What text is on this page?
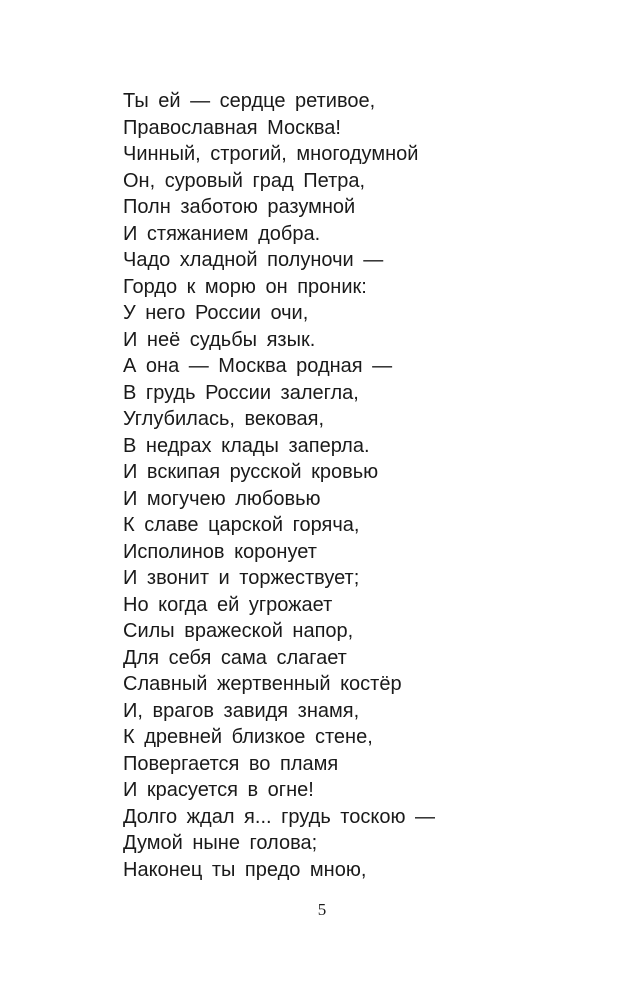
Ты ей — сердце ретивое,
Православная Москва!
Чинный, строгий, многодумной
Он, суровый град Петра,
Полн заботою разумной
И стяжанием добра.
Чадо хладной полуночи —
Гордо к морю он проник:
У него России очи,
И неё судьбы язык.
А она — Москва родная —
В грудь России залегла,
Углубилась, вековая,
В недрах клады заперла.
И вскипая русской кровью
И могучею любовью
К славе царской горяча,
Исполинов коронует
И звонит и торжествует;
Но когда ей угрожает
Силы вражеской напор,
Для себя сама слагает
Славный жертвенный костёр
И, врагов завидя знамя,
К древней близкое стене,
Повергается во пламя
И красуется в огне!
Долго ждал я... грудь тоскою —
Думой ныне голова;
Наконец ты предо мною,
5
